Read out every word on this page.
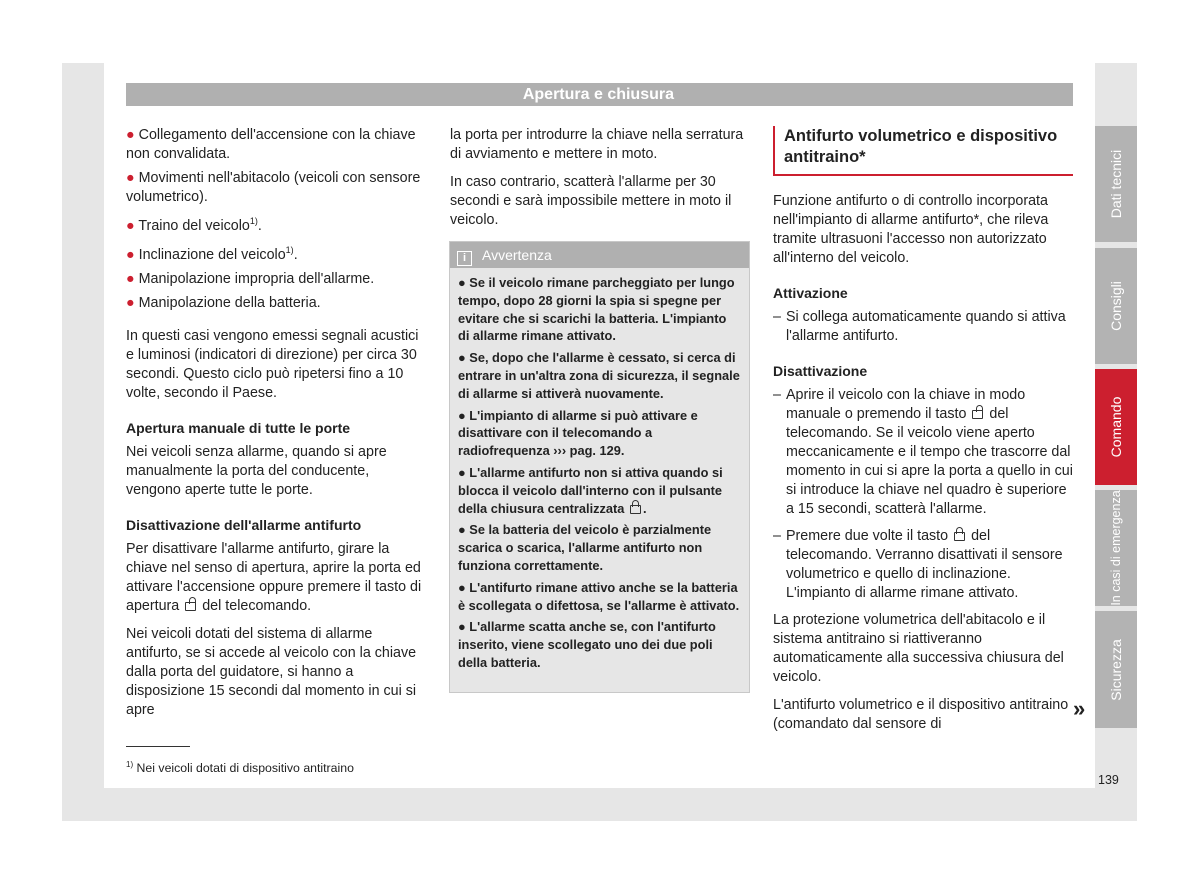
Apertura e chiusura

● Collegamento dell'accensione con la chiave non convalidata.

● Movimenti nell'abitacolo (veicoli con sensore volumetrico).

● Traino del veicolo$^{1)}$.

● Inclinazione del veicolo$^{1)}$.

● Manipolazione impropria dell'allarme.

● Manipolazione della batteria.

In questi casi vengono emessi segnali acustici e luminosi (indicatori di direzione) per circa 30 secondi. Questo ciclo può ripetersi fino a 10 volte, secondo il Paese.

Apertura manuale di tutte le porte

Nei veicoli senza allarme, quando si apre manualmente la porta del conducente, vengono aperte tutte le porte.

Disattivazione dell'allarme antifurto

Per disattivare l'allarme antifurto, girare la chiave nel senso di apertura, aprire la porta ed attivare l'accensione oppure premere il tasto di apertura del telecomando.

Nei veicoli dotati del sistema di allarme antifurto, se si accede al veicolo con la chiave dalla porta del guidatore, si hanno a disposizione 15 secondi dal momento in cui si apre

la porta per introdurre la chiave nella serratura di avviamento e mettere in moto.

In caso contrario, scatterà l'allarme per 30 secondi e sarà impossibile mettere in moto il veicolo.

i Avvertenza

● Se il veicolo rimane parcheggiato per lungo tempo, dopo 28 giorni la spia si spegne per evitare che si scarichi la batteria. L'impianto di allarme rimane attivato.

● Se, dopo che l'allarme è cessato, si cerca di entrare in un'altra zona di sicurezza, il segnale di allarme si attiverà nuovamente.

● L'impianto di allarme si può attivare e disattivare con il telecomando a radiofrequenza ››› pag. 129.

● L'allarme antifurto non si attiva quando si blocca il veicolo dall'interno con il pulsante della chiusura centralizzata .

● Se la batteria del veicolo è parzialmente scarica o scarica, l'allarme antifurto non funziona correttamente.

● L'antifurto rimane attivo anche se la batteria è scollegata o difettosa, se l'allarme è attivato.

● L'allarme scatta anche se, con l'antifurto inserito, viene scollegato uno dei due poli della batteria.

Antifurto volumetrico e dispositivo antitraino*

Funzione antifurto o di controllo incorporata nell'impianto di allarme antifurto*, che rileva tramite ultrasuoni l'accesso non autorizzato all'interno del veicolo.

Attivazione
– Si collega automaticamente quando si attiva l'allarme antifurto.
Disattivazione
– Aprire il veicolo con la chiave in modo manuale o premendo il tasto del telecomando. Se il veicolo viene aperto meccanicamente e il tempo che trascorre dal momento in cui si apre la porta a quello in cui si introduce la chiave nel quadro è superiore a 15 secondi, scatterà l'allarme.
– Premere due volte il tasto del telecomando. Verranno disattivati il sensore volumetrico e quello di inclinazione. L'impianto di allarme rimane attivato.

La protezione volumetrica dell'abitacolo e il sistema antitraino si riattiveranno automaticamente alla successiva chiusura del veicolo.

L'antifurto volumetrico e il dispositivo antitraino (comandato dal sensore di

»
$^{1)}$ Nei veicoli dotati di dispositivo antitraino
139
Dati tecnici
Consigli
Comando
In casi di emergenza
Sicurezza
